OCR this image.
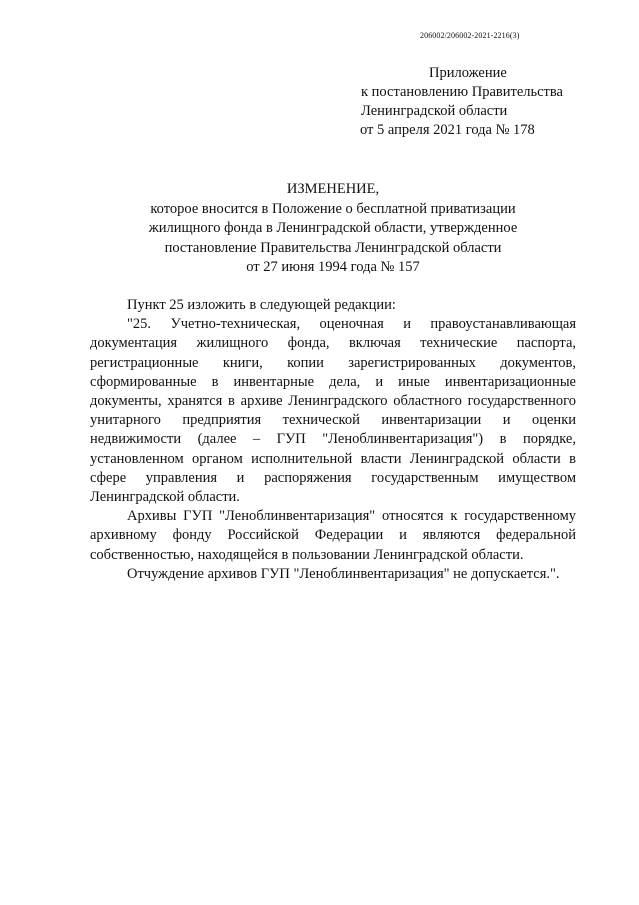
206002/206002-2021-2216(3)
Приложение
к постановлению Правительства
Ленинградской области
от 5 апреля 2021 года № 178
ИЗМЕНЕНИЕ,
которое вносится в Положение о бесплатной приватизации
жилищного фонда в Ленинградской области, утвержденное
постановление Правительства Ленинградской области
от 27 июня 1994 года № 157

Пункт 25 изложить в следующей редакции:

"25. Учетно-техническая, оценочная и правоустанавливающая документация жилищного фонда, включая технические паспорта, регистрационные книги, копии зарегистрированных документов, сформированные в инвентарные дела, и иные инвентаризационные документы, хранятся в архиве Ленинградского областного государственного унитарного предприятия технической инвентаризации и оценки недвижимости (далее – ГУП "Леноблинвентаризация") в порядке, установленном органом исполнительной власти Ленинградской области в сфере управления и распоряжения государственным имуществом Ленинградской области.

Архивы ГУП "Леноблинвентаризация" относятся к государственному архивному фонду Российской Федерации и являются федеральной собственностью, находящейся в пользовании Ленинградской области.

Отчуждение архивов ГУП "Леноблинвентаризация" не допускается.".
